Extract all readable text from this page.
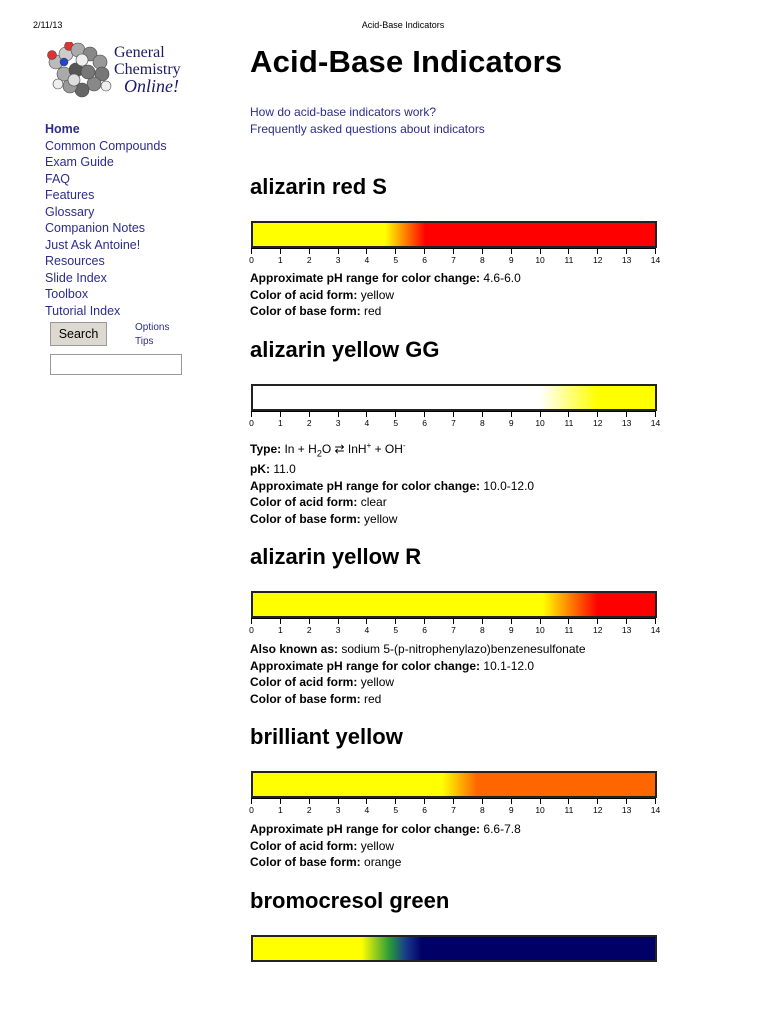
2/11/13	Acid-Base Indicators
General
Chemistry
Online!
Home
Common Compounds
Exam Guide
FAQ
Features
Glossary
Companion Notes
Just Ask Antoine!
Resources
Slide Index
Toolbox
Tutorial Index
Search	Options
Tips
Acid-Base Indicators
How do acid-base indicators work?
Frequently asked questions about indicators
alizarin red S
0	1	2	3	4	5	6	7	8	9	10 11 12 13 14
Approximate pH range for color change: 4.6-6.0
Color of acid form: yellow
Color of base form: red
alizarin yellow GG
0	1	2	3	4	5	6	7	8	9	10 11 12 13 14
Type: $In + H_2O$ ⇄ InH+ + OH-
pK: 11.0
Approximate pH range for color change: 10.0-12.0
Color of acid form: clear
Color of base form: yellow
alizarin yellow R
0	1	2	3	4	5	6	7	8	9	10 11 12 13 14
Also known as: sodium 5-(p-nitrophenylazo)benzenesulfonate
Approximate pH range for color change: 10.1-12.0
Color of acid form: yellow
Color of base form: red
brilliant yellow
0	1	2	3	4	5	6	7	8	9	10 11 12 13 14
Approximate pH range for color change: 6.6-7.8
Color of acid form: yellow
Color of base form: orange
bromocresol green
